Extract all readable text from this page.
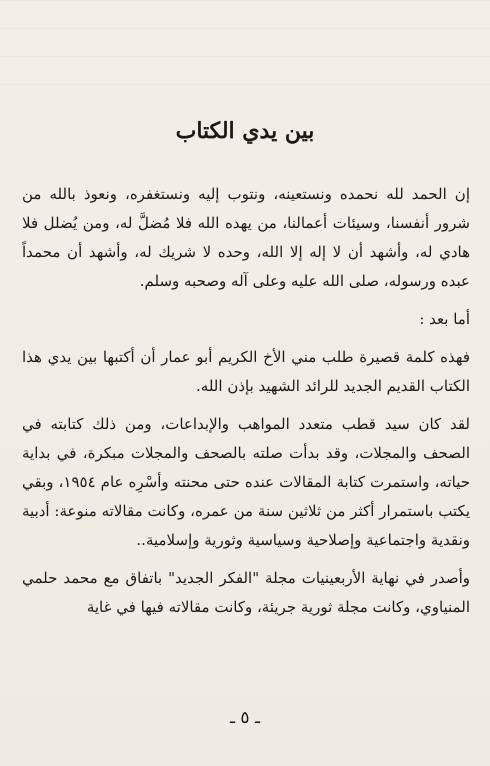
بين يدي الكتاب

إن الحمد لله نحمده ونستعينه، ونتوب إليه ونستغفره، ونعوذ بالله من شرور أنفسنا، وسيئات أعمالنا، من يهده الله فلا مُضلَّ له، ومن يُضلل فلا هادي له، وأشهد أن لا إله إلا الله، وحده لا شريك له، وأشهد أن محمداً عبده ورسوله، صلى الله عليه وعلى آله وصحبه وسلم.

أما بعد :

فهذه كلمة قصيرة طلب مني الأخ الكريم أبو عمار أن أكتبها بين يدي هذا الكتاب القديم الجديد للرائد الشهيد بإذن الله.

لقد كان سيد قطب متعدد المواهب والإبداعات، ومن ذلك كتابته في الصحف والمجلات، وقد بدأت صلته بالصحف والمجلات مبكرة، في بداية حياته، واستمرت كتابة المقالات عنده حتى محنته وأسْرِه عام ١٩٥٤، وبقي يكتب باستمرار أكثر من ثلاثين سنة من عمره، وكانت مقالاته منوعة: أدبية ونقدية واجتماعية وإصلاحية وسياسية وثورية وإسلامية..

وأصدر في نهاية الأربعينيات مجلة "الفكر الجديد" باتفاق مع محمد حلمي المنياوي، وكانت مجلة ثورية جريئة، وكانت مقالاته فيها في غاية

ـ ٥ ـ
